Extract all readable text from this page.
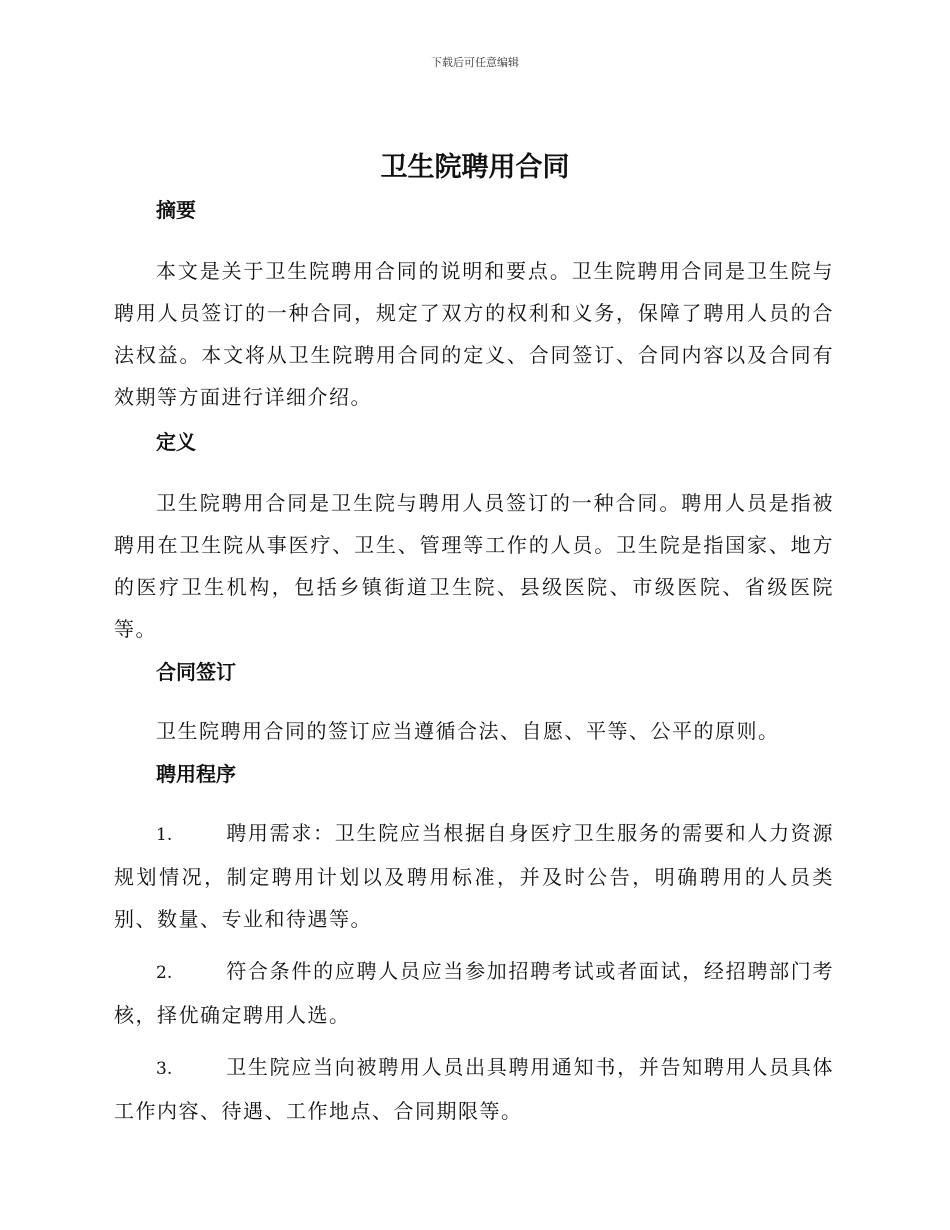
下载后可任意编辑
卫生院聘用合同
摘要

本文是关于卫生院聘用合同的说明和要点。卫生院聘用合同是卫生院与聘用人员签订的一种合同，规定了双方的权利和义务，保障了聘用人员的合法权益。本文将从卫生院聘用合同的定义、合同签订、合同内容以及合同有效期等方面进行详细介绍。

定义

卫生院聘用合同是卫生院与聘用人员签订的一种合同。聘用人员是指被聘用在卫生院从事医疗、卫生、管理等工作的人员。卫生院是指国家、地方的医疗卫生机构，包括乡镇街道卫生院、县级医院、市级医院、省级医院等。

合同签订

卫生院聘用合同的签订应当遵循合法、自愿、平等、公平的原则。

聘用程序

1.	聘用需求：卫生院应当根据自身医疗卫生服务的需要和人力资源规划情况，制定聘用计划以及聘用标准，并及时公告，明确聘用的人员类别、数量、专业和待遇等。

2.	符合条件的应聘人员应当参加招聘考试或者面试，经招聘部门考核，择优确定聘用人选。

3.	卫生院应当向被聘用人员出具聘用通知书，并告知聘用人员具体工作内容、待遇、工作地点、合同期限等。
